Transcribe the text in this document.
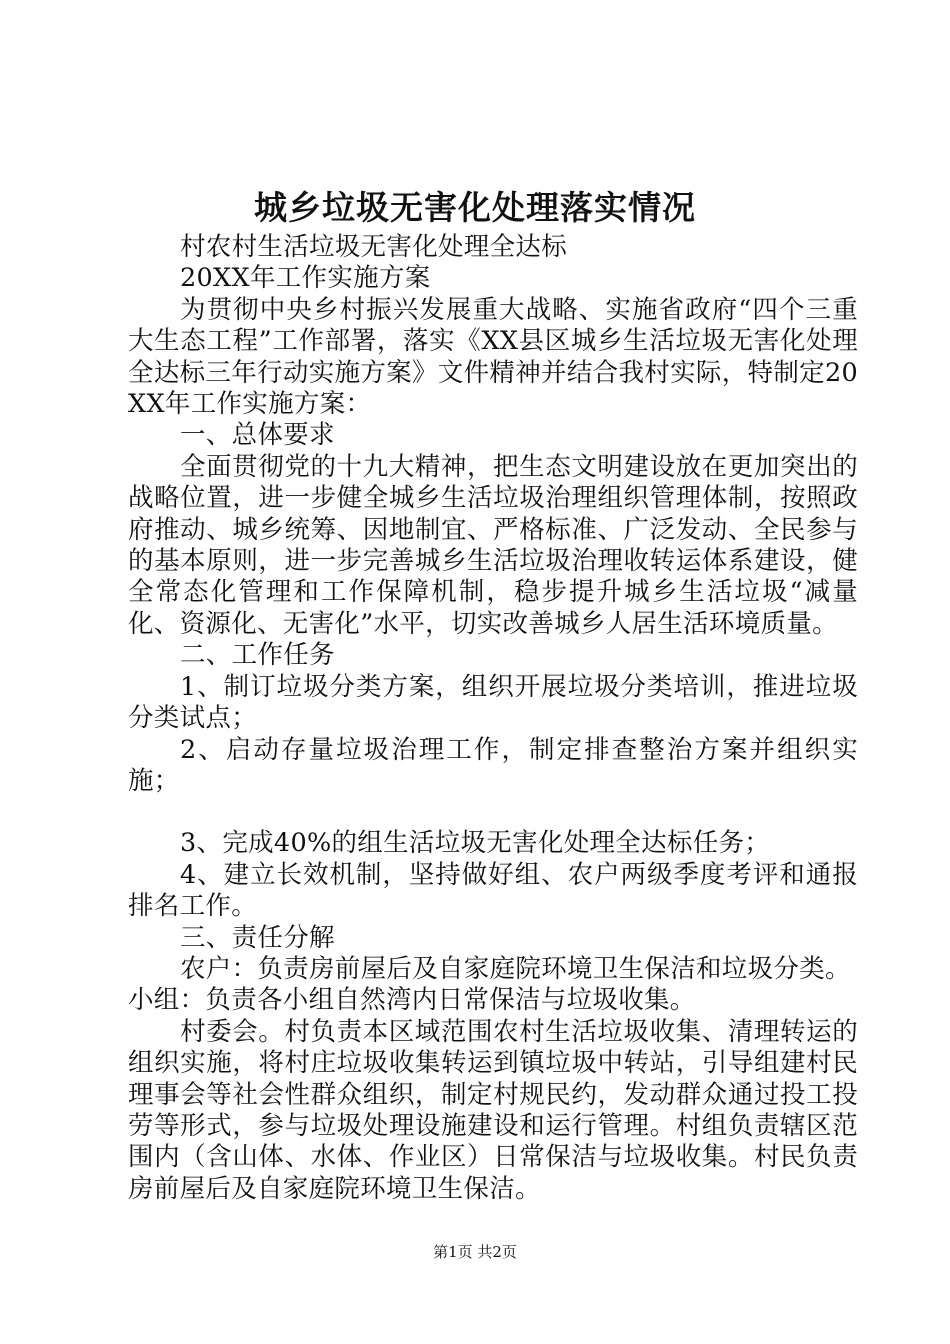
城乡垃圾无害化处理落实情况

村农村生活垃圾无害化处理全达标

20XX年工作实施方案

为贯彻中央乡村振兴发展重大战略、实施省政府“四个三重大生态工程”工作部署，落实《XX县区城乡生活垃圾无害化处理全达标三年行动实施方案》文件精神并结合我村实际，特制定20XX年工作实施方案：

一、总体要求

全面贯彻党的十九大精神，把生态文明建设放在更加突出的战略位置，进一步健全城乡生活垃圾治理组织管理体制，按照政府推动、城乡统筹、因地制宜、严格标准、广泛发动、全民参与的基本原则，进一步完善城乡生活垃圾治理收转运体系建设，健全常态化管理和工作保障机制，稳步提升城乡生活垃圾“减量化、资源化、无害化”水平，切实改善城乡人居生活环境质量。

二、工作任务

1、制订垃圾分类方案，组织开展垃圾分类培训，推进垃圾分类试点；

2、启动存量垃圾治理工作，制定排查整治方案并组织实施；

3、完成40%的组生活垃圾无害化处理全达标任务；

4、建立长效机制，坚持做好组、农户两级季度考评和通报排名工作。

三、责任分解

农户：负责房前屋后及自家庭院环境卫生保洁和垃圾分类。

小组：负责各小组自然湾内日常保洁与垃圾收集。

村委会。村负责本区域范围农村生活垃圾收集、清理转运的组织实施，将村庄垃圾收集转运到镇垃圾中转站，引导组建村民理事会等社会性群众组织，制定村规民约，发动群众通过投工投劳等形式，参与垃圾处理设施建设和运行管理。村组负责辖区范围内（含山体、水体、作业区）日常保洁与垃圾收集。村民负责房前屋后及自家庭院环境卫生保洁。

第1页 共2页
